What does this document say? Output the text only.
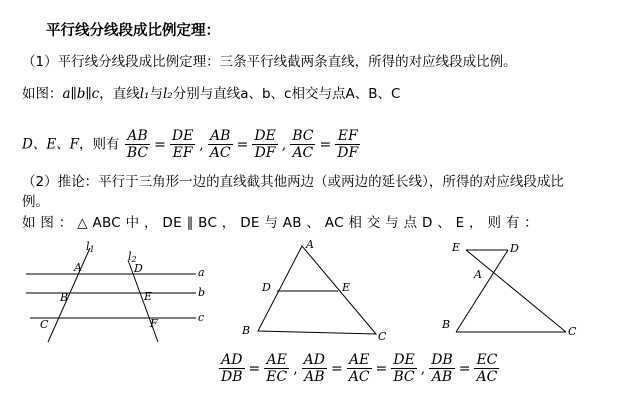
平行线分线段成比例定理：
（1）平行线分线段成比例定理：三条平行线截两条直线，所得的对应线段成比例。
如图：a∥b∥c，直线l₁与l₂分别与直线a、b、c相交与点A、B、C
D、E、F，则有 $\frac{AB}{BC} = \frac{DE}{EF}$ , $\frac{AB}{AC} = \frac{DE}{DF}$ , $\frac{BC}{AC} = \frac{EF}{DF}$
（2）推论：平行于三角形一边的直线截其他两边（或两边的延长线），所得的对应线段成比
例。
如 图 ： △ ABC 中 ， DE ∥ BC ， DE 与 AB 、 AC 相 交 与 点 D 、 E ， 则 有 ：
l1
l2
A	D
B	E
C	F
a
b
c
A
D	E
B	C
E	D
A
B
C
$\frac{AD}{DB} = \frac{AE}{EC}$ , $\frac{AD}{AB} = \frac{AE}{AC} = \frac{DE}{BC}$ , $\frac{DB}{AB} = \frac{EC}{AC}$
